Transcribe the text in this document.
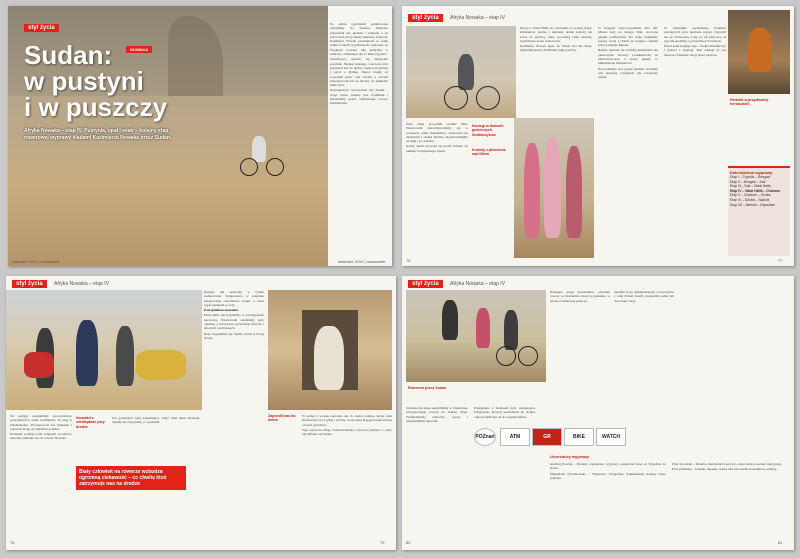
styl życia
NOWAKA
Sudan:
w pustyni
i w puszczy
Afryka Nowaka – etap IV. Pustynia, upał i wiatr – kolejny etap rowerowej wyprawy śladami Kazimierza Nowaka przez Sudan.

Po ośmiu tygodniach pedałowania dotarliśmy do Sudanu. Pustynia przywitała nas upałem i wiatrem, a na poboczach drogi leżały szkielety zwierząt. Kazimierz Nowak przemierzał te same szlaki w latach trzydziestych, samotnie, na zwykłym rowerze. My jedziemy w sztafecie, zmieniając się co kilka tygodni.

Sudańczycy okazali się niezwykle gościnni. Niemal każdego wieczoru ktoś zapraszał nas do domu, częstował herbatą i pytał o Polskę. Dzieci biegły za rowerami przez całe wioski, a dorośli zatrzymywali nas na drodze, by zamienić kilka słów.

Największym wyzwaniem był piasek – drogi często znikały pod wydmami i musieliśmy pchać obładowane rowery kilometrami.

kwiecień 2010 | newsweek	kwiecień 2010 | newsweek
styl życia	Afryka Nowaka – etap IV

Nasz szlak prowadził wzdłuż Nilu. Wieczorami zatrzymywaliśmy się w wioskach, gdzie mieszkańcy częstowali nas daktylami i słodką herbatą. Rozmawialiśmy na migi i po arabsku.

Każdy dzień zaczynał się przed świtem, by uniknąć największego upału.

Noclegi w domach gościnnych Sudańczyków
Kobiety z plemienia nad Nilem

Droga z Wadi Halfa do Chartumu to ponad tysiąc kilometrów piachu i kamieni. Asfalt kończy się zaraz za granicą, dalej prowadzą tylko koleiny wyżłobione przez ciężarówki.

Kazimierz Nowak pisał, że Sudan był dla niego najtrudniejszym odcinkiem całej podróży.

W Dongoli odpoczywaliśmy dwa dni. Miasto leży na brzegu Nilu, otoczone gajami palmowymi. Na targu kupiliśmy zapasy wody i chleba na kolejny odcinek przez pustynię Bajuda.

Bajuda okazała się bardziej kamienista niż piaszczysta. Rowery podskakiwały na nierównościach, a opony pękały co kilkadziesiąt kilometrów.

Nocowaliśmy pod gołym niebem. Gwiazdy nad pustynią wyglądały jak rozsypany cukier.

W Chartumie spotkaliśmy Polaków pracujących przy budowie zapory. Ugościli nas po królewsku, a my po raz pierwszy od tygodni spaliśmy w prawdziwych łóżkach.

Przed nami kolejny etap – Sudan Południowy i granica z Ugandą. Tam czekają na nas deszcze i błotniste drogi przez puszczę.

Herbata w przydrożnej herbaciarni
Kalendarium wyprawy
Etap I – Trypolis – Bengazi
Etap II – Bengazi – Kair
Etap III – Kair – Wadi Halfa
Etap IV – Wadi Halfa – Chartum
Etap V – Chartum – Dżuba
Etap VI – Dżuba – Nairobi
Etap VII – Nairobi – Kapsztad
76	77
styl życia	Afryka Nowaka – etap IV

Na pustyni spotkaliśmy koczowników prowadzących stada wielbłądów na targ w Omdurmanie. Poczęstowali nas mlekiem i pokazali drogę do najbliższej studni.

Nomadzi wędrują tymi szlakami od stuleci, niewiele zmieniło się od czasów Nowaka.

Nomadzi z wielbłądami przy drodze
Biały człowiek na rowerze wzbudza ogromną ciekawość – co chwilę ktoś zatrzymuje nas na drodze

Ich gościnność była zaskakująca. Choć sami mieli niewiele, dzielili się wszystkim, co posiadali.

Kolejne dni upływały w rytmie pedałowania. Temperatura w południe przekraczała czterdzieści stopni, a wiatr sypał piaskiem w oczy.

Pod opiekiem nomadów

Przez kilka dni jechaliśmy w towarzystwie karawany. Wieczorami siadaliśmy przy ognisku, a starszyzna opowiadała historie o dawnych wędrówkach.

Rano żegnaliśmy się i każdy ruszał w swoją stronę.

Zaprosili nas do domu

W jednej z wiosek zaprosiła nas do domu rodzina, której dom zbudowany był z gliny i trzciny. Gospodyni przygotowała kolację z fasoli i placków.

Tego wieczoru długo rozmawialiśmy o życiu na pustyni i o tym, jak zmienia się Sudan.

78	79
styl życia	Afryka Nowaka – etap IV
Rowerem przez Sudan

Ostatnie dni etapu spędziliśmy w Chartumie, przygotowując rowery do dalszej drogi. Wymieniliśmy łańcuchy, opony i uzupełniliśmy apteczki.

Pożegnanie z Sudanem było wzruszające. Przyjaciele, których poznaliśmy po drodze, odprowadzili nas aż do rogatek miasta.

Następna grupa uczestników przejmie rowery w Chartumie i ruszy na południe, w stronę równikowej puszczy.

Sztafeta liczy kilkudziesięciu rowerzystów z całej Polski. Każdy przejeżdża jeden lub dwa etapy trasy.

POZnań	ATM	GR	BIKE	WATCH
Uczestnicy wyprawy

Andrzej Pawlak – Poznań, organizator wyprawy, przejechał trasę od Trypolisu do Kairu.

Magdalena Nowakowska – Warszawa, fotografka, dokumentuje kolejne etapy podróży.

Piotr Kowalski – Kraków, mechanik rowerowy, odpowiada za sprzęt całej grupy.

Ewa Zielińska – Gdańsk, lekarka, czuwa nad zdrowiem uczestników sztafety.

80	81
